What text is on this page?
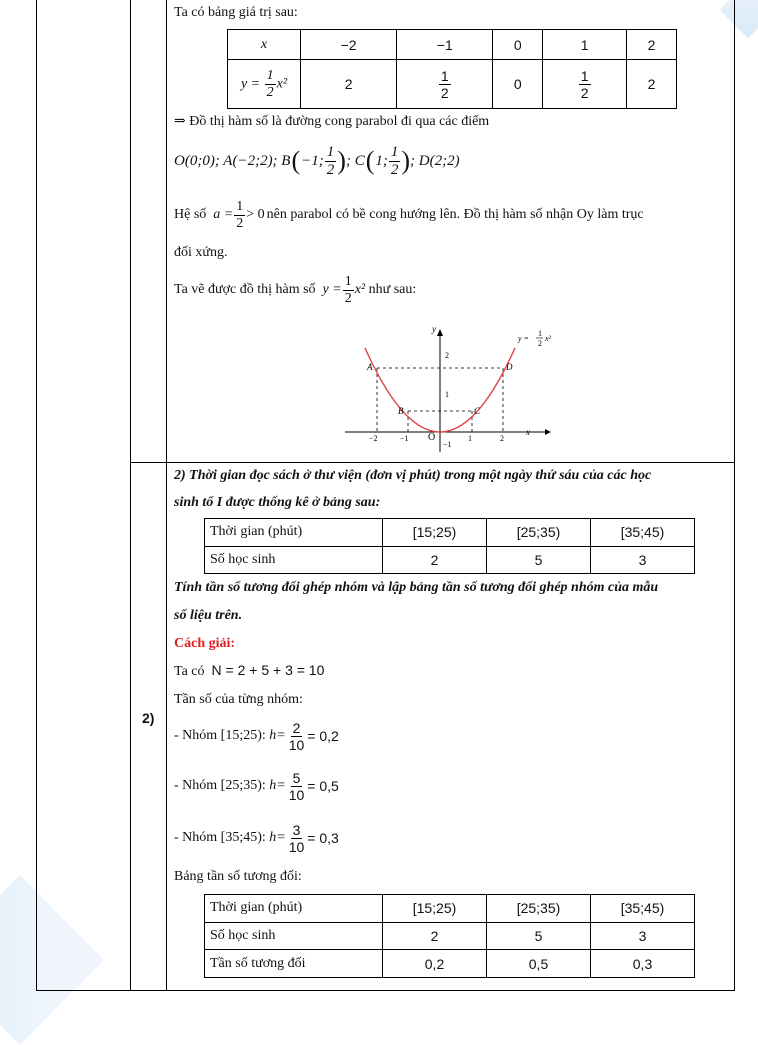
Ta có bảng giá trị sau:
x	−2	−1	0	1	2
$y = \frac{1}{2} x^2$	2	$\frac{1}{2}$	0	$\frac{1}{2}$	2
⇒ Đồ thị hàm số là đường cong parabol đi qua các điểm
O(0;0); A(−2;2); B ( −1; $\frac{1}{2}$ ) ; C ( 1; $\frac{1}{2}$ ) ; D(2;2)
Hệ số
$a = \frac{1}{2} > 0$ nên parabol có bề cong hướng lên. Đồ thị hàm số nhận Oy làm trục
đối xứng.
Ta vẽ được đồ thị hàm số
$y = \frac{1}{2} x^2$
như sau:
y
x
O
A	D
B	C
2
1
−1
−2	−1	1	2
y =
1
2
x²
2)
2) Thời gian đọc sách ở thư viện (đơn vị phút) trong một ngày thứ sáu của các học
sinh tổ I được thống kê ở bảng sau:
Thời gian (phút)	[15;25)	[25;35)	[35;45)
Số học sinh	2	5	3
Tính tần số tương đối ghép nhóm và lập bảng tần số tương đối ghép nhóm của mẫu
số liệu trên.
Cách giải:
Ta có N = 2 + 5 + 3 = 10
Tần số của từng nhóm:
- Nhóm [15;25):
$h= \frac{2}{10} = 0,2$
- Nhóm [25;35):
$h= \frac{5}{10} = 0,5$
- Nhóm [35;45):
$h= \frac{3}{10} = 0,3$
Bảng tần số tương đối:
Thời gian (phút)	[15;25)	[25;35)	[35;45)
Số học sinh	2	5	3
Tần số tương đối	0,2	0,5	0,3
